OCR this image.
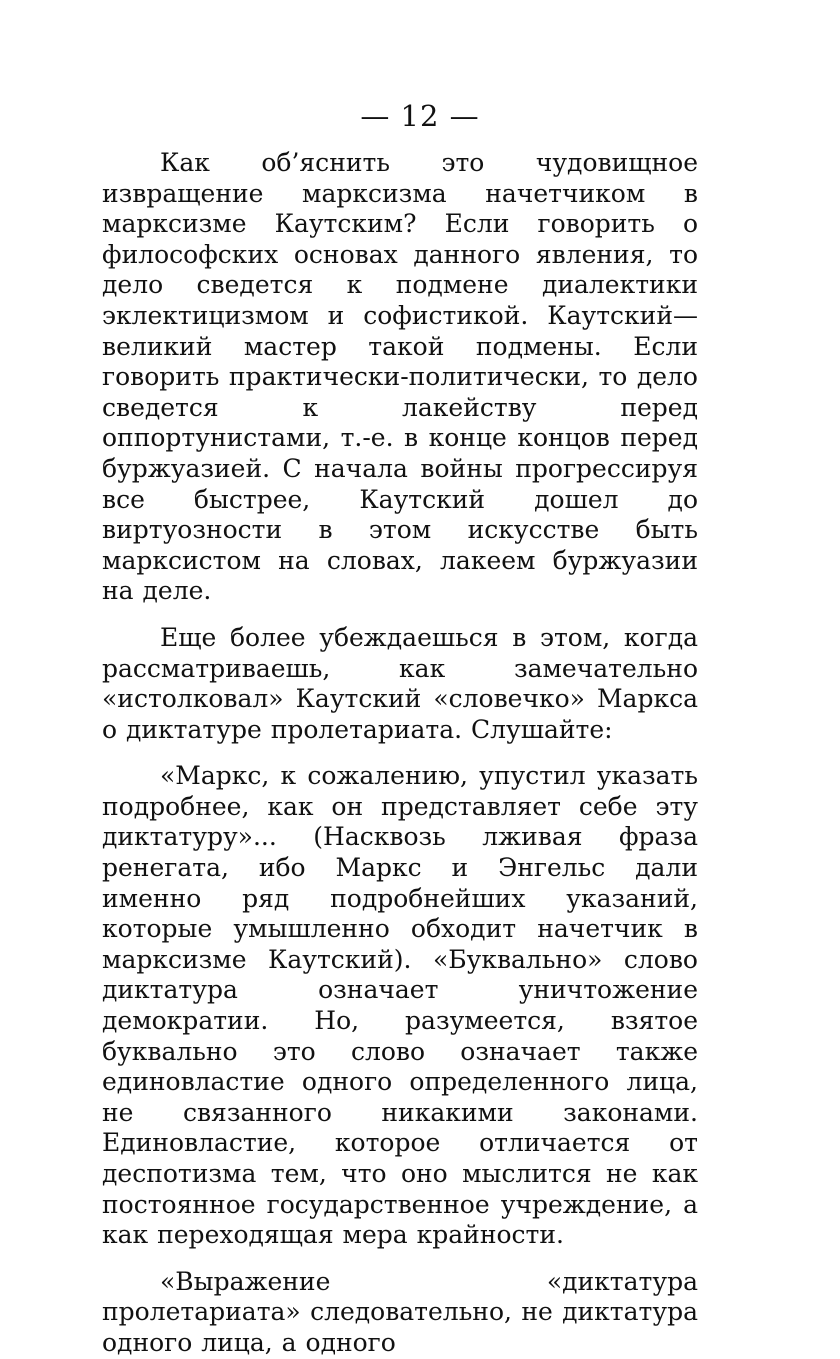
— 12 —

Как об’яснить это чудовищное извращение марксизма начетчиком в марксизме Каутским? Если говорить о философских основах данного явления, то дело сведется к подмене диалектики эклектицизмом и софистикой. Каутский—великий мастер такой подмены. Если говорить практически-политически, то дело сведется к лакейству перед оппортунистами, т.-е. в конце концов перед буржуазией. С начала войны прогрессируя все быстрее, Каутский дошел до виртуозности в этом искусстве быть марксистом на словах, лакеем буржуазии на деле.

Еще более убеждаешься в этом, когда рассматриваешь, как замечательно «истолковал» Каутский «словечко» Маркса о диктатуре пролетариата. Слушайте:

«Маркс, к сожалению, упустил указать подробнее, как он представляет себе эту диктатуру»... (Насквозь лживая фраза ренегата, ибо Маркс и Энгельс дали именно ряд подробнейших указаний, которые умышленно обходит начетчик в марксизме Каутский). «Буквально» слово диктатура означает уничтожение демократии. Но, разумеется, взятое буквально это слово означает также единовластие одного определенного лица, не связанного никакими законами. Единовластие, которое отличается от деспотизма тем, что оно мыслится не как постоянное государственное учреждение, а как переходящая мера крайности.

«Выражение «диктатура пролетариата» следовательно, не диктатура одного лица, а одного
